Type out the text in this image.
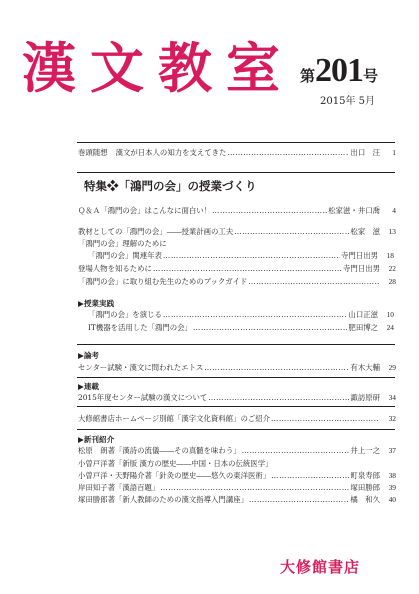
漢文教室 第201号
2015年 5月
巻頭随想 漢文が日本人の知力を支えてきた …………………………………………………………………………………………………………	出口　汪	1
特集❖「鴻門の会」の授業づくり
Ｑ＆Ａ「鴻門の会」はこんなに面白い！ …………………………………………………………………………………………………………	松家滋・井口喬	4
教材としての「鴻門の会」――授業計画の工夫 …………………………………………………………………………………………………………	松家　滋	13
「鴻門の会」理解のために
「鴻門の会」関連年表 …………………………………………………………………………………………………………	寺門日出男	18
登場人物を知るために …………………………………………………………………………………………………………	寺門日出男	22
「鴻門の会」に取り組む先生のためのブックガイド …………………………………………………………………………………………………………	28
▶授業実践
「鴻門の会」を演じる …………………………………………………………………………………………………………	山口正滋	10
IT機器を活用した「鴻門の会」 …………………………………………………………………………………………………………	肥田博之	24
▶論考
センター試験・漢文に問われたエトス …………………………………………………………………………………………………………	有木大輔	29
▶連載
2015年度センター試験の漢文について …………………………………………………………………………………………………………	諏訪原研	34
大修館書店ホームページ別館「漢字文化資料館」のご紹介 …………………………………………………………………………………………………………	32
▶新刊紹介
松原　朗著「漢詩の流儀――その真髄を味わう」 …………………………………………………………………………………………………………	井上一之	37
小曽戸洋著「新版 漢方の歴史――中国・日本の伝統医学」
小曽戸洋・天野陽介著「針灸の歴史――悠久の東洋医術」 …………………………………………………………………………………………………………	町泉寿郎	38
岸田知子著「漢語百題」 …………………………………………………………………………………………………………	塚田勝郎	39
塚田勝郎著「新人教師のための漢文指導入門講座」 …………………………………………………………………………………………………………	橘　和久	40
大修館書店
